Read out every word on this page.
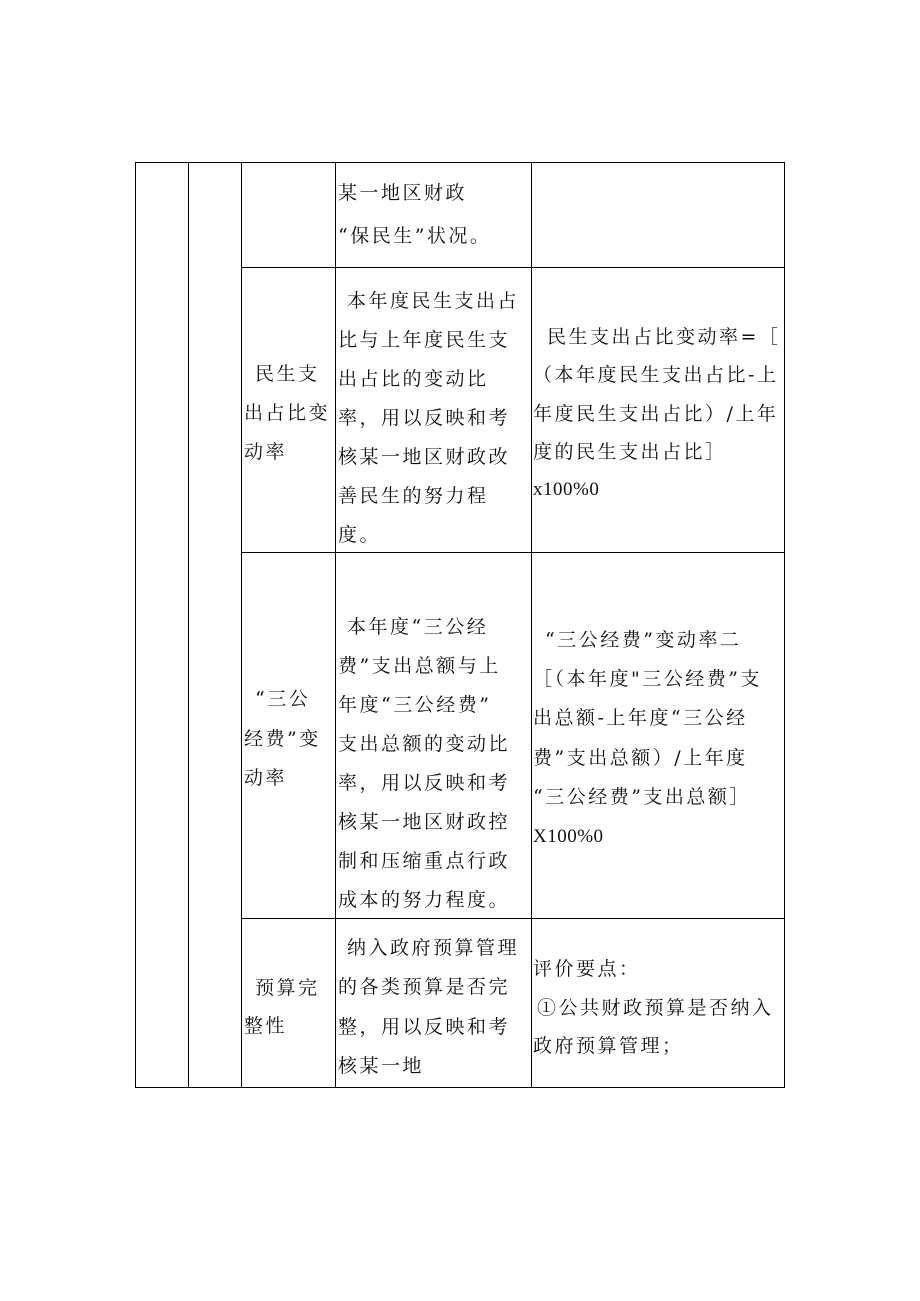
某一地区财政
“保民生”状况。
民生支
出占比变
动率
本年度民生支出占
比与上年度民生支
出占比的变动比
率，用以反映和考
核某一地区财政改
善民生的努力程
度。
民生支出占比变动率=［
（本年度民生支出占比-上
年度民生支出占比）/上年
度的民生支出占比］
x100%0
“三公
经费”变
动率
本年度“三公经
费”支出总额与上
年度“三公经费”
支出总额的变动比
率，用以反映和考
核某一地区财政控
制和压缩重点行政
成本的努力程度。
“三公经费”变动率二
［（本年度"三公经费”支
出总额-上年度“三公经
费”支出总额）/上年度
“三公经费”支出总额］
X100%0
预算完
整性
纳入政府预算管理
的各类预算是否完
整，用以反映和考
核某一地
评价要点：
①公共财政预算是否纳入
政府预算管理；
